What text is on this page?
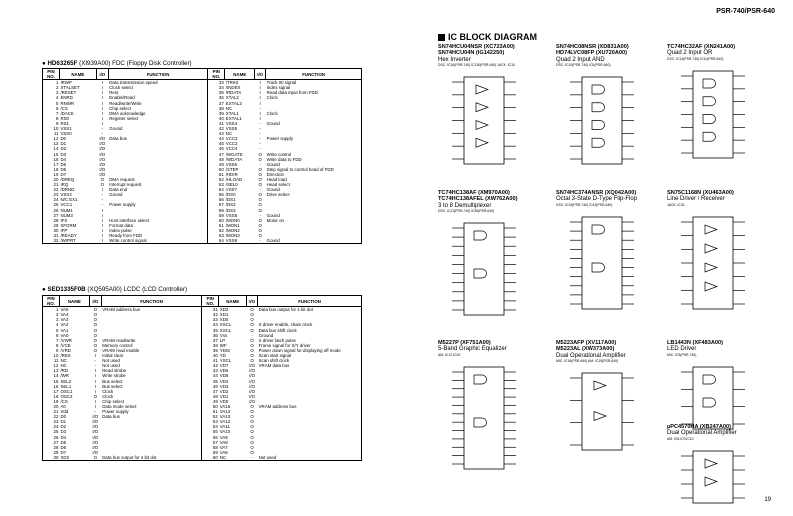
PSR-740/PSR-640
● HD63265F (XI939A00) FDC (Floppy Disk Controller)
PIN NO.	NAME	I/O	FUNCTION	PIN NO.	NAME	I/O	FUNCTION
1	IRWP	I	Data transmission speed	33	/TRK0	I	Track 00 signal
2	XTALSET	I	Clock select	34	/INDEX	I	Index signal
3	/RESET	I	Rest	35	/RDATA	I	Read data input from FDD
4	ENRD	I	Enable/Read	36	XTAL2	I	Clock
5	RNWR	I	Read/write/Write	37	EXTAL2	I	
6	/CS	I	Chip select	38	NC	-	
7	/DACK	I	DMA acknowledge	39	XTAL1	I	Clock
8	RS0	I	Register select	40	EXTAL1	I	
9	RS1	I		41	VSS4	-	Gound
10	VSS1	-	Gound	42	VSS5	-	
11	VSS0	-		43	NC	-	
12	D0	I/O	Data bus	44	VCC2	-	Power supply
13	D1	I/O		45	VCC3	-	
14	D2	I/O		46	VCC4	-	
15	D3	I/O		47	/WGATE	O	Write control
16	D4	I/O		48	/WDATA	O	Write data to FDD
17	D5	I/O		49	VSS6	-	Gound
18	D6	I/O		50	/STEP	O	Step signal to control head of FDD
19	D7	I/O		51	/HDIR	O	Direction
20	/DREQ	O	DMA request	52	/HLOAD	O	Head load
21	IRQ	O	Interrupt request	53	/SEL0	O	Head select
22	/DRND	I	Data end	54	VSS7	-	Gound
23	VSS3	-	Gound	55	/DS0	O	Drive select
24	N/C EX1	-		56	/DS1	O	
25	VCC1	-	Power supply	57	/DS2	O	
26	NUM1	I		58	/DS3	O	
27	NUM3	I		59	VSS8	-	Gound
28	IFS	I	Host interface select	60	/MON0	O	Motor on
29	SFORM	I	Format data	61	/MON1	O	
30	IFP	I	Index pulse	62	/MON2	O	
31	/READY	I	Ready from FDD	63	/MON3	O	
32	/WIPRT	I	Write control signal	64	VSS9	-	Gound
● SED1335F0B (XQ595A00) LCDC (LCD Controller)
PIN NO.	NAME	I/O	FUNCTION	PIN NO.	NAME	I/O	FUNCTION
1	VA5	O	VRAM address bus	31	XD2	O	Data bus output for 4 bit dot
2	VA4	O		32	XD1	O	
3	VA3	O		33	XD0	O	
4	VA2	O		34	XSCL	O	S driver enable, chain clock
5	VA1	O		35	XSCL	O	Data bus shift clock
6	VA0	O		36	Vss	-	Ground
7	/VWR	O	VRAM read/write	37	LP	O	X driver latch pulse
8	/VCE	O	Memory control	38	WF	O	Frame signal for X/Y driver
9	/VRD	O	VRAM read enable	39	YDIS	O	Power down signal for displaying off mode
10	/RES	I	Initial clear	40	YD	O	Scan start signal
11	NC	-	Not used	41	YSCL	O	Scan shift clock
12	NC	-	Not used	42	VD7	I/O	VRAM data bus
13	/RD	I	Read strobe	43	VD6	I/O	
14	/WR	I	Write strobe	44	VD5	I/O	
15	SEL2	I	Bus select	45	VD4	I/O	
16	SEL1	I	Bus select	46	VD3	I/O	
17	OSC1	I	Clock	47	VD2	I/O	
18	OSC2	O	Clock	48	VD1	I/O	
19	/CS	I	Chip select	49	VD0	I/O	
20	A0	I	Data mode select	50	VA15	O	VRAM address bus
21	Vdd	-	Power supply	51	VA14	O	
22	D0	I/O	Data bus	52	VA13	O	
23	D1	I/O		53	VA12	O	
24	D2	I/O		54	VA11	O	
25	D3	I/O		55	VA10	O	
26	D4	I/O		56	VA9	O	
27	D5	I/O		57	VA8	O	
28	D6	I/O		58	VA7	O	
29	D7	I/O		59	VA6	O	
30	XD3	O	Data bus output for 4 bit dot	60	NC	-	Not used
IC BLOCK DIAGRAM
SN74HCU04NSR (XC723A00)
SN74HCU04N (IG142250)
Hex Inverter
DSC: IC16(PSR-740) IC130(PSR-640) JACK: IC10
SN74HC08NSR (XD831A00)
HD74LVC08FP (XU720A00)
Quad 2 Input AND
DSC: IC10(PSR-740) IC5(PSR-640)
TC74HC32AF (XN241A00)
Quad 2 Input OR
DSC: IC14(PSR-740) IC10(PSR-640)
TC74HC138AF (XM970A00)
TC74HC138AFEL (XW762A00)
3 to 8 Demultiplexer
DSC: IC11(PSR-740) IC36(PSR-640)
SN74HC374ANSR (XQ042A00)
Octal 3-State D-Type Flip-Flop
DSC: IC15(PSR-740) IC43(PSR-640)
SN75C1168N (XU463A00)
Line Driver / Receiver
JACK: IC31
M5227P (XF751A00)
5-Band Graphic Equalizer
AM: IC12,IC20
M5223AFP (XV117A00)
M5223AL (XW373A00)
Dual Operational Amplifier
MIC: IC16(PSR-640) AM: IC15(PSR-640)
LB1443N (XF483A00)
LED Driver
MIC: IC5(PSR-740)
µPC4570HA (XB247A00)
Dual Operational Amplifier
AM: IC8,IC9,IC10
19
